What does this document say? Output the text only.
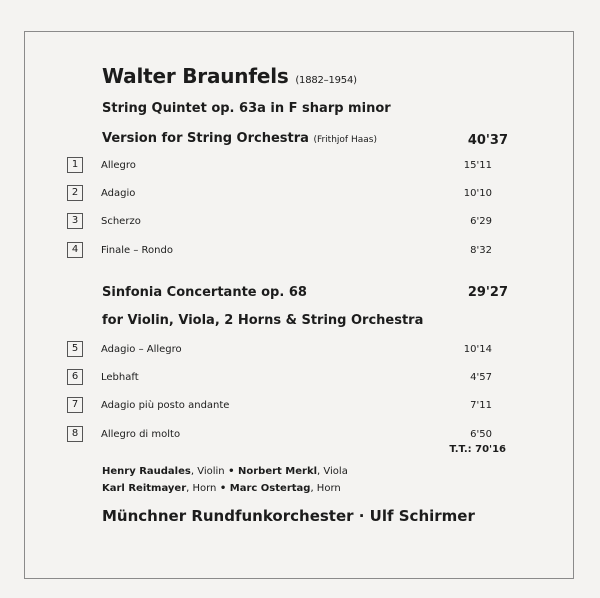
Walter Braunfels (1882–1954)
String Quintet op. 63a in F sharp minor
Version for String Orchestra (Frithjof Haas)	40'37
1	Allegro	15'11
2	Adagio	10'10
3	Scherzo	6'29
4	Finale – Rondo	8'32
Sinfonia Concertante op. 68	29'27
for Violin, Viola, 2 Horns & String Orchestra
5	Adagio – Allegro	10'14
6	Lebhaft	4'57
7	Adagio più posto andante	7'11
8	Allegro di molto	6'50
T.T.: 70'16
Henry Raudales, Violin • Norbert Merkl, Viola
Karl Reitmayer, Horn • Marc Ostertag, Horn
Münchner Rundfunkorchester · Ulf Schirmer
